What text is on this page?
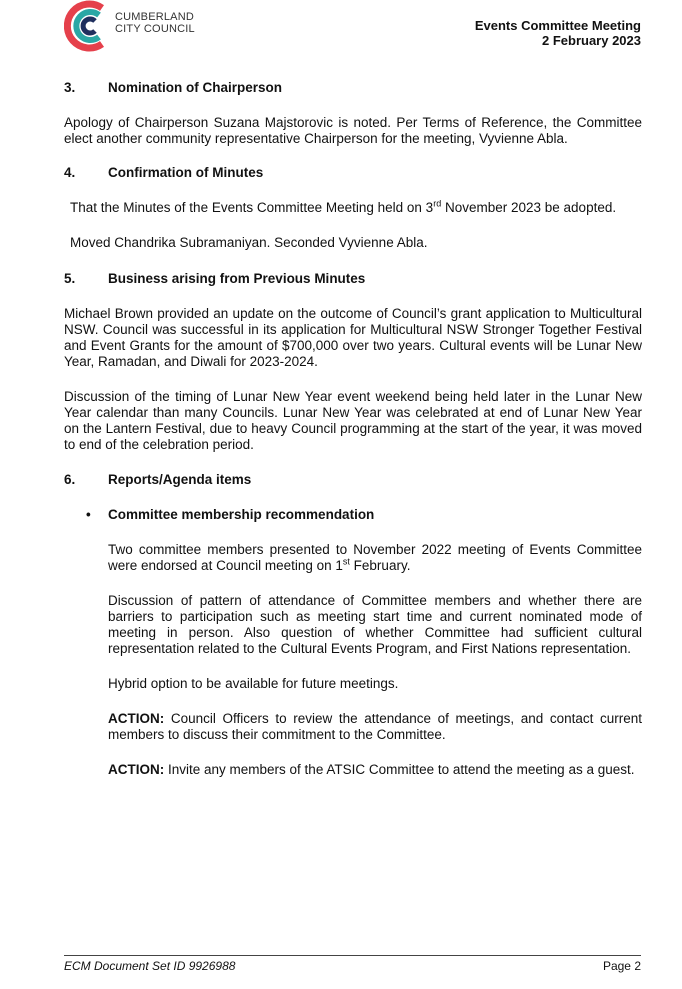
CUMBERLAND
CITY COUNCIL	Events Committee Meeting
2 February 2023
3.	Nomination of Chairperson

Apology of Chairperson Suzana Majstorovic is noted. Per Terms of Reference, the Committee elect another community representative Chairperson for the meeting, Vyvienne Abla.

4.	Confirmation of Minutes

That the Minutes of the Events Committee Meeting held on 3rd November 2023 be adopted.

Moved Chandrika Subramaniyan. Seconded Vyvienne Abla.

5.	Business arising from Previous Minutes

Michael Brown provided an update on the outcome of Council’s grant application to Multicultural NSW. Council was successful in its application for Multicultural NSW Stronger Together Festival and Event Grants for the amount of $700,000 over two years. Cultural events will be Lunar New Year, Ramadan, and Diwali for 2023-2024.

Discussion of the timing of Lunar New Year event weekend being held later in the Lunar New Year calendar than many Councils. Lunar New Year was celebrated at end of Lunar New Year on the Lantern Festival, due to heavy Council programming at the start of the year, it was moved to end of the celebration period.

6.	Reports/Agenda items
•	Committee membership recommendation

Two committee members presented to November 2022 meeting of Events Committee were endorsed at Council meeting on 1st February.

Discussion of pattern of attendance of Committee members and whether there are barriers to participation such as meeting start time and current nominated mode of meeting in person. Also question of whether Committee had sufficient cultural representation related to the Cultural Events Program, and First Nations representation.

Hybrid option to be available for future meetings.

ACTION: Council Officers to review the attendance of meetings, and contact current members to discuss their commitment to the Committee.

ACTION: Invite any members of the ATSIC Committee to attend the meeting as a guest.

ECM Document Set ID 9926988	Page 2
